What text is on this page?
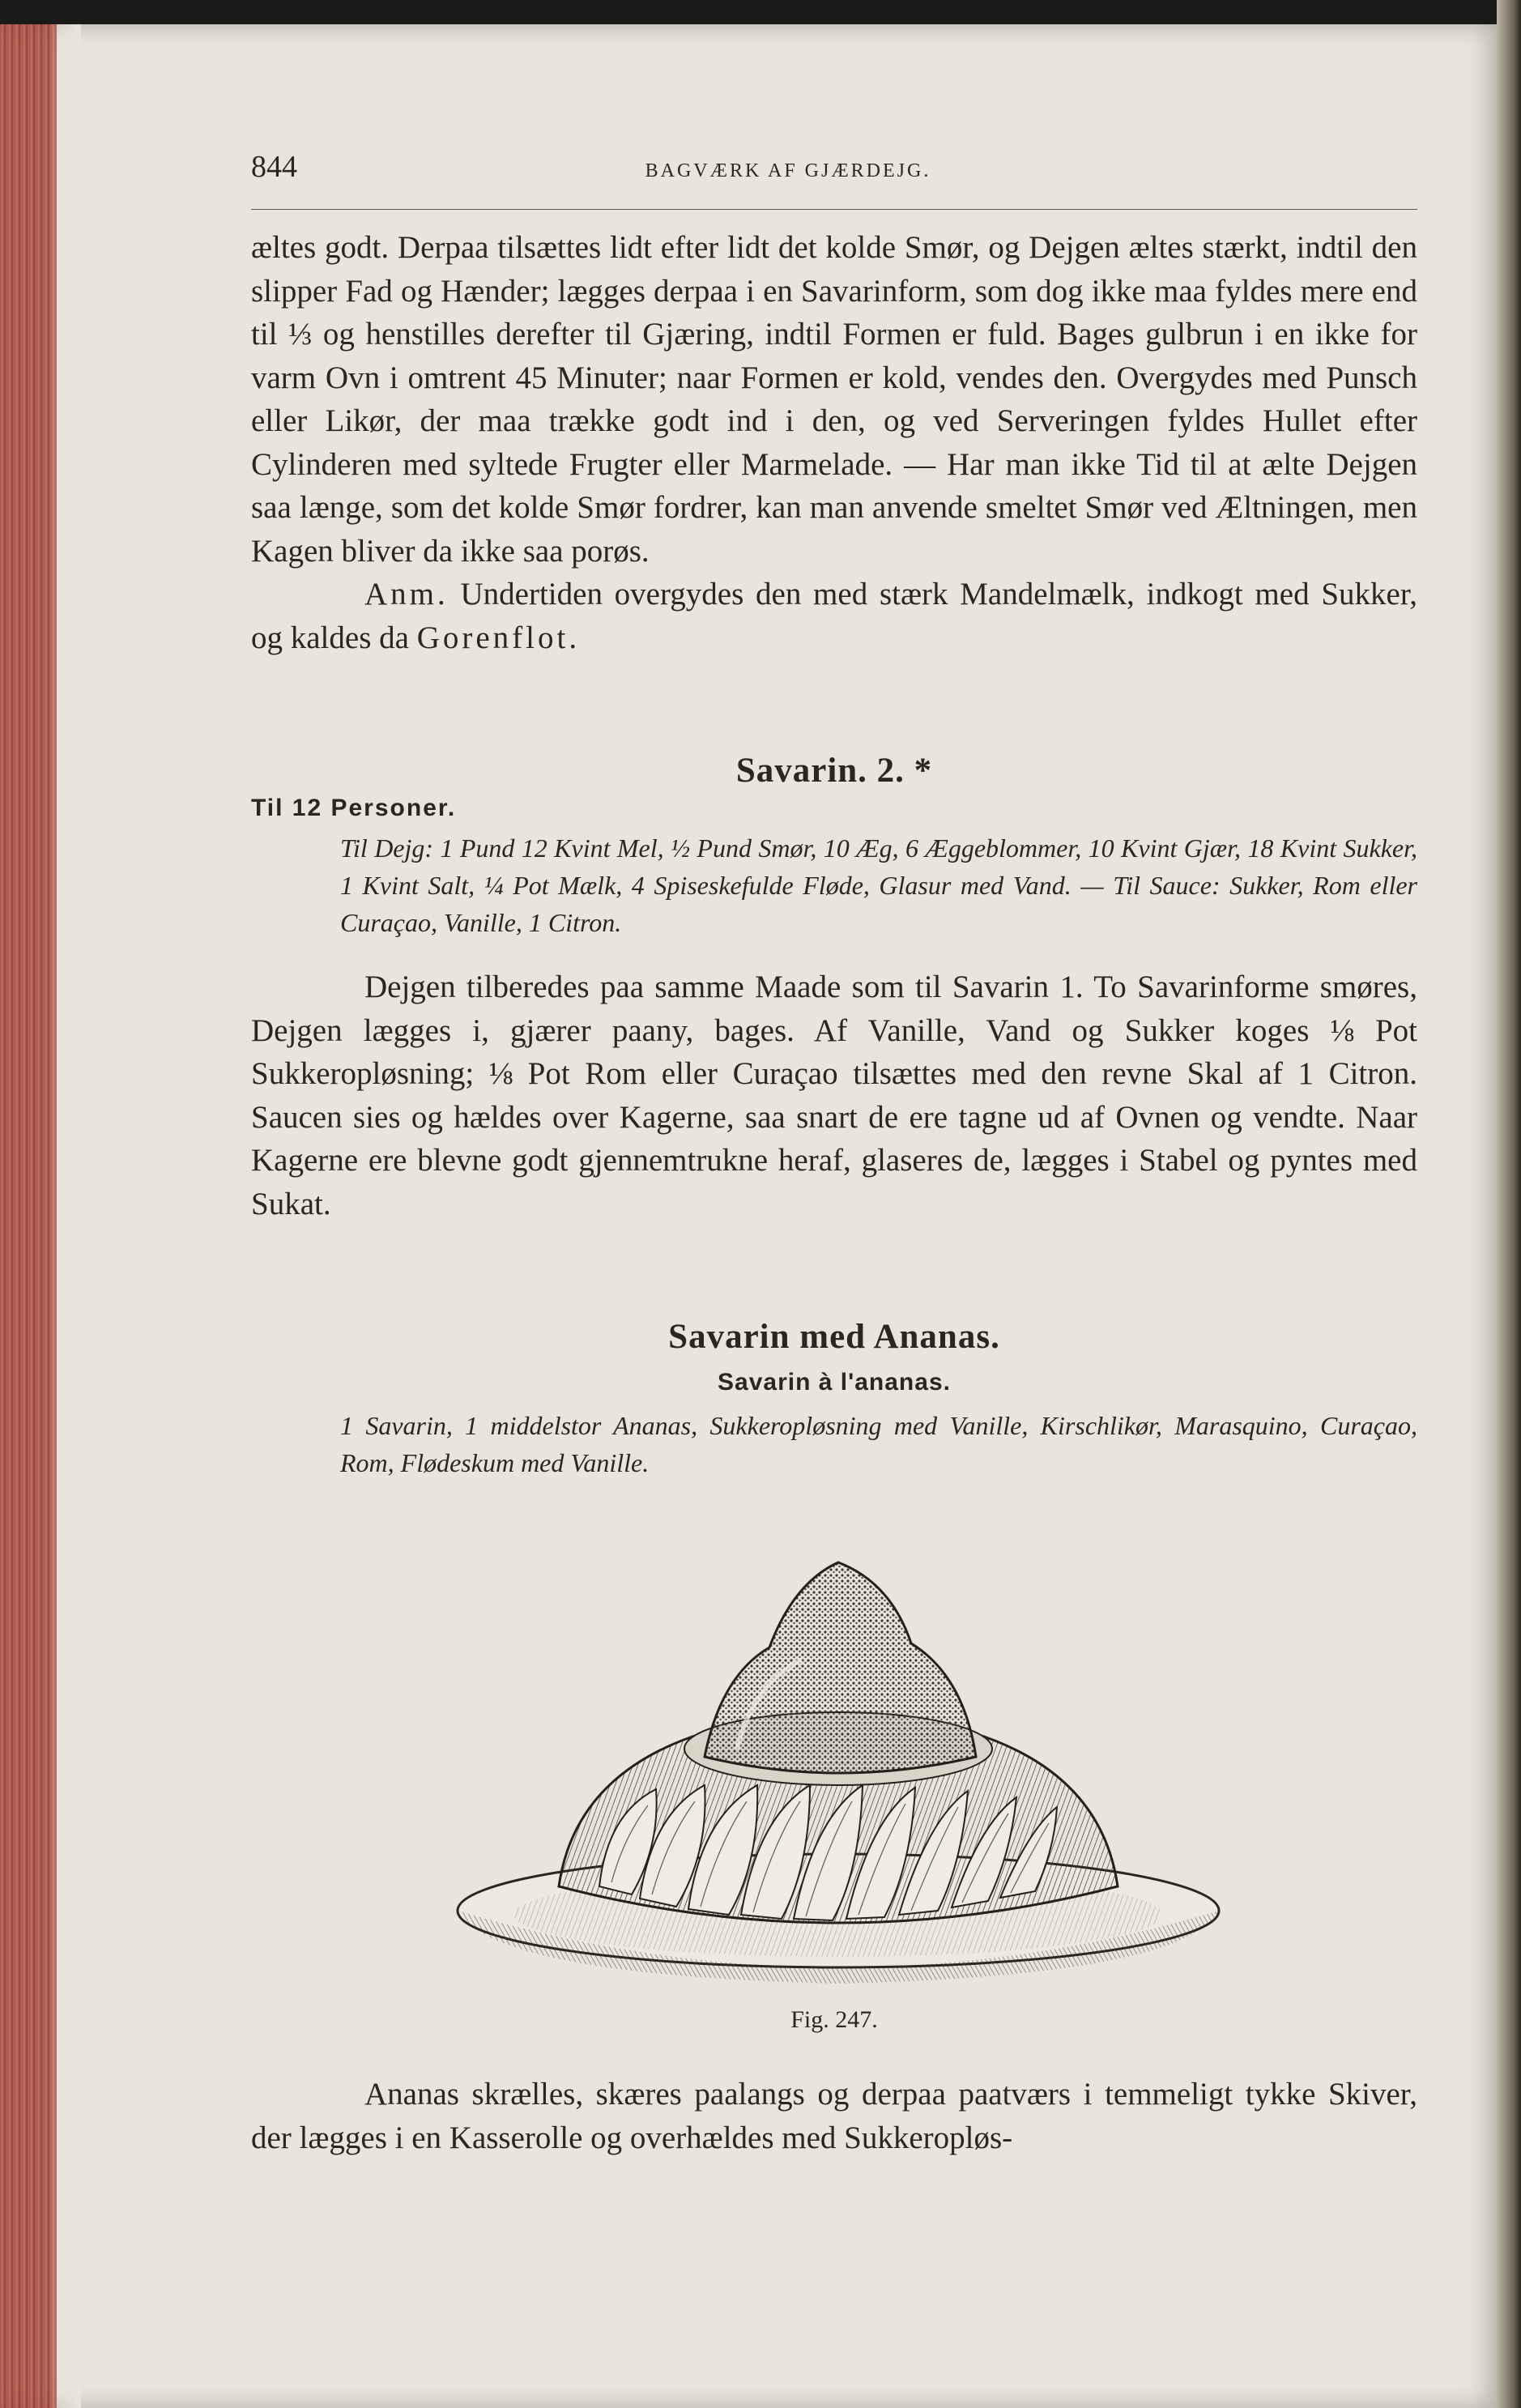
844	BAGVÆRK AF GJÆRDEJG.

æltes godt. Derpaa tilsættes lidt efter lidt det kolde Smør, og Dejgen æltes stærkt, indtil den slipper Fad og Hænder; lægges derpaa i en Savarinform, som dog ikke maa fyldes mere end til ⅓ og henstilles derefter til Gjæring, indtil Formen er fuld. Bages gulbrun i en ikke for varm Ovn i omtrent 45 Minuter; naar Formen er kold, vendes den. Overgydes med Punsch eller Likør, der maa trække godt ind i den, og ved Serveringen fyldes Hullet efter Cylinderen med syltede Frugter eller Marmelade. — Har man ikke Tid til at ælte Dejgen saa længe, som det kolde Smør fordrer, kan man anvende smeltet Smør ved Æltningen, men Kagen bliver da ikke saa porøs.

Anm. Undertiden overgydes den med stærk Mandelmælk, indkogt med Sukker, og kaldes da Gorenflot.

Savarin. 2. *
Til 12 Personer.
Til Dejg: 1 Pund 12 Kvint Mel, ½ Pund Smør, 10 Æg, 6 Æggeblommer, 10 Kvint Gjær, 18 Kvint Sukker, 1 Kvint Salt, ¼ Pot Mælk, 4 Spiseskefulde Fløde, Glasur med Vand. — Til Sauce: Sukker, Rom eller Curaçao, Vanille, 1 Citron.

Dejgen tilberedes paa samme Maade som til Savarin 1. To Savarinforme smøres, Dejgen lægges i, gjærer paany, bages. Af Vanille, Vand og Sukker koges ⅛ Pot Sukkeropløsning; ⅛ Pot Rom eller Curaçao tilsættes med den revne Skal af 1 Citron. Saucen sies og hældes over Kagerne, saa snart de ere tagne ud af Ovnen og vendte. Naar Kagerne ere blevne godt gjennemtrukne heraf, glaseres de, lægges i Stabel og pyntes med Sukat.

Savarin med Ananas.
Savarin à l'ananas.
1 Savarin, 1 middelstor Ananas, Sukkeropløsning med Vanille, Kirschlikør, Marasquino, Curaçao, Rom, Flødeskum med Vanille.
Fig. 247.

Ananas skrælles, skæres paalangs og derpaa paatværs i temmeligt tykke Skiver, der lægges i en Kasserolle og overhældes med Sukkeropløs-
